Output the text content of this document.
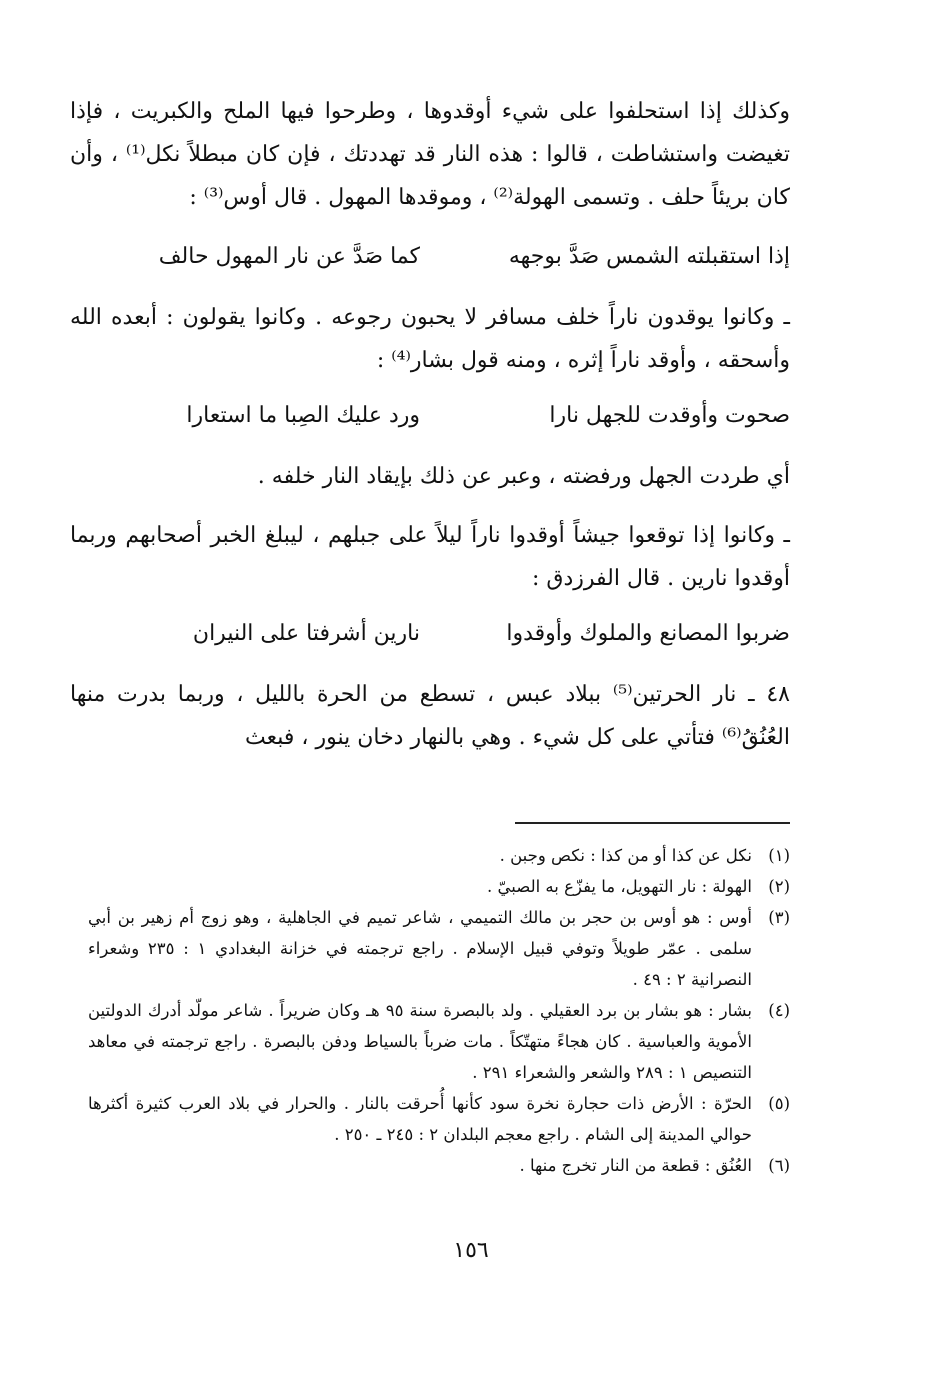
وكذلك إذا استحلفوا على شيء أوقدوها ، وطرحوا فيها الملح والكبريت ، فإذا تغيضت واستشاطت ، قالوا : هذه النار قد تهددتك ، فإن كان مبطلاً نكل⁽¹⁾ ، وأن كان بريئاً حلف . وتسمى الهولة⁽²⁾ ، وموقدها المهول . قال أوس⁽³⁾ :

إذا استقبلته الشمس صَدَّ بوجهه
كما صَدَّ عن نار المهول حالف

ـ وكانوا يوقدون ناراً خلف مسافر لا يحبون رجوعه . وكانوا يقولون : أبعده الله وأسحقه ، وأوقد ناراً إثره ، ومنه قول بشار⁽⁴⁾ :

صحوت وأوقدت للجهل نارا
ورد عليك الصِبا ما استعارا

أي طردت الجهل ورفضته ، وعبر عن ذلك بإيقاد النار خلفه .

ـ وكانوا إذا توقعوا جيشاً أوقدوا ناراً ليلاً على جبلهم ، ليبلغ الخبر أصحابهم وربما أوقدوا نارين . قال الفرزدق :

ضربوا المصانع والملوك وأوقدوا
نارين أشرفتا على النيران

٤٨ ـ نار الحرتين⁽⁵⁾ ببلاد عبس ، تسطع من الحرة بالليل ، وربما بدرت منها العُنُقُ⁽⁶⁾ فتأتي على كل شيء . وهي بالنهار دخان ينور ، فبعث

(١)
نكل عن كذا أو من كذا : نكص وجبن .
(٢)
الهولة : نار التهويل، ما يفزّع به الصبيّ .
(٣)
أوس : هو أوس بن حجر بن مالك التميمي ، شاعر تميم في الجاهلية ، وهو زوج أم زهير بن أبي سلمى . عمّر طويلاً وتوفي قبيل الإسلام . راجع ترجمته في خزانة البغدادي ١ : ٢٣٥ وشعراء النصرانية ٢ : ٤٩ .
(٤)
بشار : هو بشار بن برد العقيلي . ولد بالبصرة سنة ٩٥ هـ وكان ضريراً . شاعر مولّد أدرك الدولتين الأموية والعباسية . كان هجاءً متهتّكاً . مات ضرباً بالسياط ودفن بالبصرة . راجع ترجمته في معاهد التنصيص ١ : ٢٨٩ والشعر والشعراء ٢٩١ .
(٥)
الحرّة : الأرض ذات حجارة نخرة سود كأنها أُحرقت بالنار . والحرار في بلاد العرب كثيرة أكثرها حوالي المدينة إلى الشام . راجع معجم البلدان ٢ : ٢٤٥ ـ ٢٥٠ .
(٦)
العُنُق : قطعة من النار تخرج منها .
١٥٦
